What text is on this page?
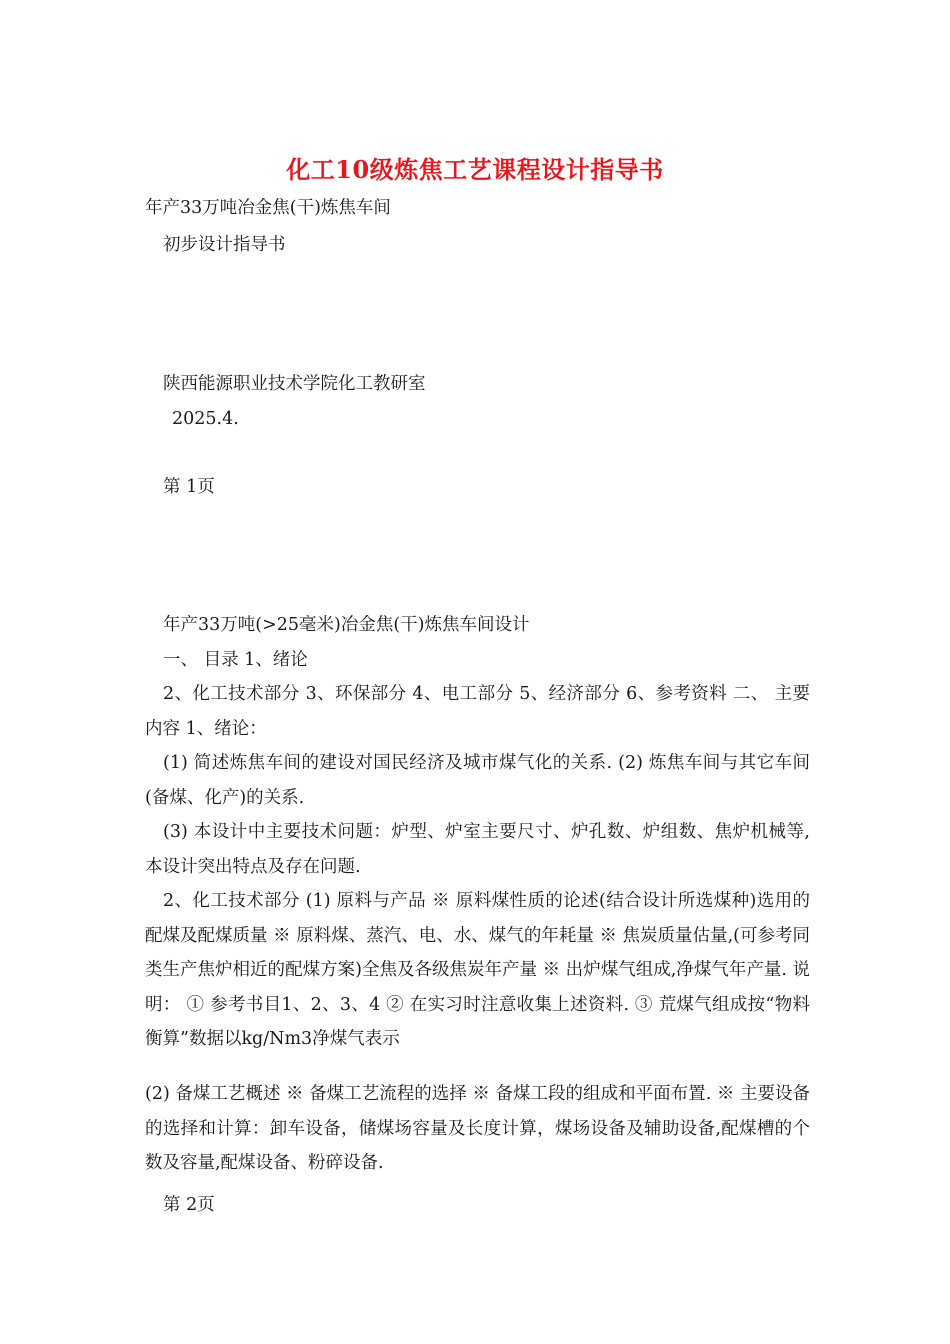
化工10级炼焦工艺课程设计指导书
年产33万吨冶金焦(干)炼焦车间
初步设计指导书
陕西能源职业技术学院化工教研室
2025.4.
第 1页
年产33万吨(>25毫米)冶金焦(干)炼焦车间设计
一、 目录 1、绪论

2、化工技术部分 3、环保部分 4、电工部分 5、经济部分 6、参考资料 二、 主要内容 1、绪论：

(1) 简述炼焦车间的建设对国民经济及城市煤气化的关系. (2) 炼焦车间与其它车间(备煤、化产)的关系.

(3) 本设计中主要技术问题：炉型、炉室主要尺寸、炉孔数、炉组数、焦炉机械等,本设计突出特点及存在问题.

2、化工技术部分 (1) 原料与产品 ※ 原料煤性质的论述(结合设计所选煤种)选用的配煤及配煤质量 ※ 原料煤、蒸汽、电、水、煤气的年耗量 ※ 焦炭质量估量,(可参考同类生产焦炉相近的配煤方案)全焦及各级焦炭年产量 ※ 出炉煤气组成,净煤气年产量. 说明： ① 参考书目1、2、3、4 ② 在实习时注意收集上述资料. ③ 荒煤气组成按“物料衡算”数据以kg/Nm3净煤气表示

(2) 备煤工艺概述 ※ 备煤工艺流程的选择 ※ 备煤工段的组成和平面布置. ※ 主要设备的选择和计算：卸车设备，储煤场容量及长度计算，煤场设备及辅助设备,配煤槽的个数及容量,配煤设备、粉碎设备.

第 2页
